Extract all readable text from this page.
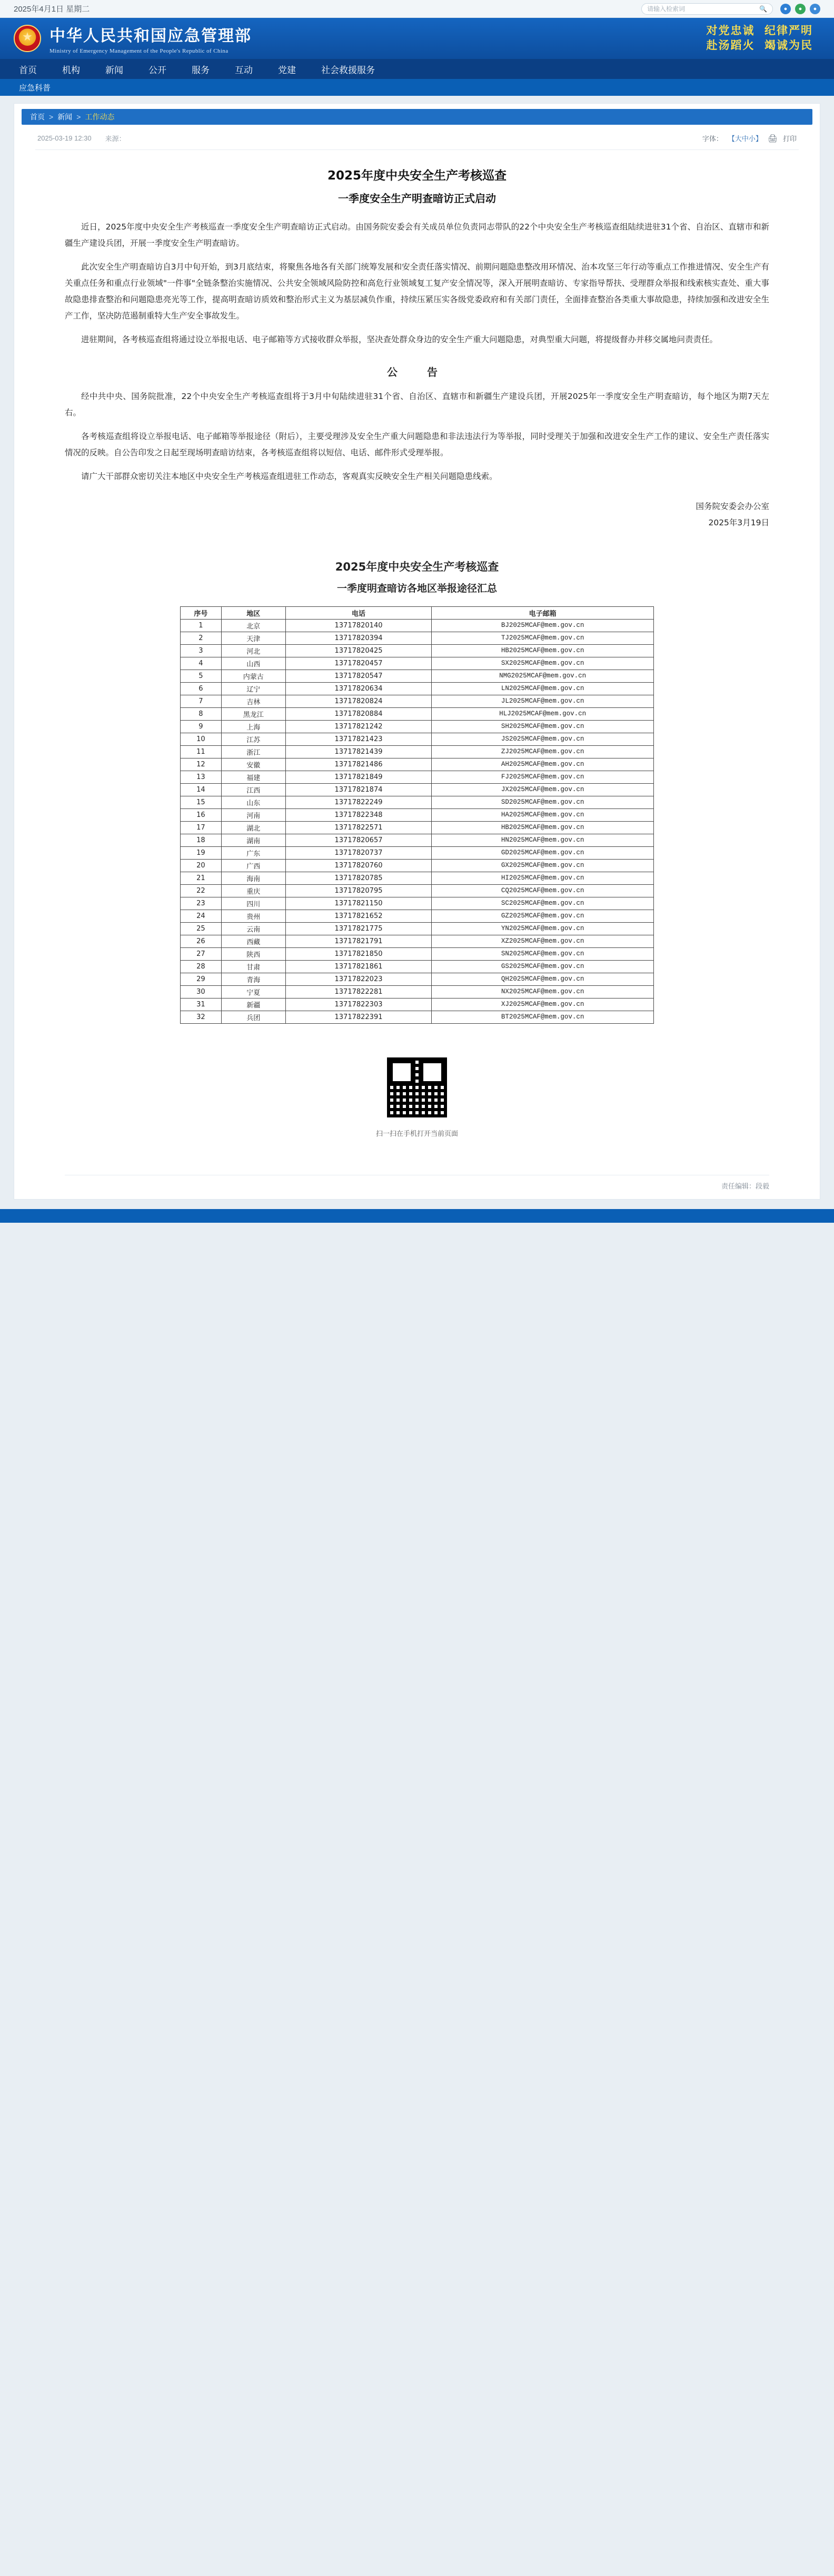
2025年4月1日 星期二	请输入检索词	🔍	●	●	●
★
中华人民共和国应急管理部
Ministry of Emergency Management of the People's Republic of China
对党忠诚 纪律严明
赴汤蹈火 竭诚为民
首页	机构	新闻	公开	服务	互动	党建	社会救援服务
应急科普
首页 > 新闻 > 工作动态
2025-03-19 12:30 来源：	字体： 【大中小】 🖨 打印
2025年度中央安全生产考核巡查
一季度安全生产明查暗访正式启动

近日，2025年度中央安全生产考核巡查一季度安全生产明查暗访正式启动。由国务院安委会有关成员单位负责同志带队的22个中央安全生产考核巡查组陆续进驻31个省、自治区、直辖市和新疆生产建设兵团，开展一季度安全生产明查暗访。

此次安全生产明查暗访自3月中旬开始，到3月底结束，将聚焦各地各有关部门统筹发展和安全责任落实情况、前期问题隐患整改用环情况、治本攻坚三年行动等重点工作推进情况、安全生产有关重点任务和重点行业领域"一件事"全链条整治实施情况、公共安全领域风险防控和高危行业领域复工复产安全情况等，深入开展明查暗访、专家指导帮扶、受理群众举报和线索核实查处、重大事故隐患排查整治和问题隐患亮光等工作，提高明查暗访质效和整治形式主义为基层减负作重，持续压紧压实各级党委政府和有关部门责任，全面排查整治各类重大事故隐患，持续加强和改进安全生产工作，坚决防范遏制重特大生产安全事故发生。

进驻期间，各考核巡查组将通过设立举报电话、电子邮箱等方式接收群众举报，坚决查处群众身边的安全生产重大问题隐患，对典型重大问题，将提级督办并移交属地问责责任。

公　告

经中共中央、国务院批准，22个中央安全生产考核巡查组将于3月中旬陆续进驻31个省、自治区、直辖市和新疆生产建设兵团，开展2025年一季度安全生产明查暗访，每个地区为期7天左右。

各考核巡查组将设立举报电话、电子邮箱等举报途径（附后），主要受理涉及安全生产重大问题隐患和非法违法行为等举报，同时受理关于加强和改进安全生产工作的建议、安全生产责任落实情况的反映。自公告印发之日起至现场明查暗访结束，各考核巡查组将以短信、电话、邮件形式受理举报。

请广大干部群众密切关注本地区中央安全生产考核巡查组进驻工作动态，客观真实反映安全生产相关问题隐患线索。

国务院安委会办公室
2025年3月19日
2025年度中央安全生产考核巡查
一季度明查暗访各地区举报途径汇总
序号	地区	电话	电子邮箱
1	北京	13717820140	BJ2025MCAF@mem.gov.cn
2	天津	13717820394	TJ2025MCAF@mem.gov.cn
3	河北	13717820425	HB2025MCAF@mem.gov.cn
4	山西	13717820457	SX2025MCAF@mem.gov.cn
5	内蒙古	13717820547	NMG2025MCAF@mem.gov.cn
6	辽宁	13717820634	LN2025MCAF@mem.gov.cn
7	吉林	13717820824	JL2025MCAF@mem.gov.cn
8	黑龙江	13717820884	HLJ2025MCAF@mem.gov.cn
9	上海	13717821242	SH2025MCAF@mem.gov.cn
10	江苏	13717821423	JS2025MCAF@mem.gov.cn
11	浙江	13717821439	ZJ2025MCAF@mem.gov.cn
12	安徽	13717821486	AH2025MCAF@mem.gov.cn
13	福建	13717821849	FJ2025MCAF@mem.gov.cn
14	江西	13717821874	JX2025MCAF@mem.gov.cn
15	山东	13717822249	SD2025MCAF@mem.gov.cn
16	河南	13717822348	HA2025MCAF@mem.gov.cn
17	湖北	13717822571	HB2025MCAF@mem.gov.cn
18	湖南	13717820657	HN2025MCAF@mem.gov.cn
19	广东	13717820737	GD2025MCAF@mem.gov.cn
20	广西	13717820760	GX2025MCAF@mem.gov.cn
21	海南	13717820785	HI2025MCAF@mem.gov.cn
22	重庆	13717820795	CQ2025MCAF@mem.gov.cn
23	四川	13717821150	SC2025MCAF@mem.gov.cn
24	贵州	13717821652	GZ2025MCAF@mem.gov.cn
25	云南	13717821775	YN2025MCAF@mem.gov.cn
26	西藏	13717821791	XZ2025MCAF@mem.gov.cn
27	陕西	13717821850	SN2025MCAF@mem.gov.cn
28	甘肃	13717821861	GS2025MCAF@mem.gov.cn
29	青海	13717822023	QH2025MCAF@mem.gov.cn
30	宁夏	13717822281	NX2025MCAF@mem.gov.cn
31	新疆	13717822303	XJ2025MCAF@mem.gov.cn
32	兵团	13717822391	BT2025MCAF@mem.gov.cn
扫一扫在手机打开当前页面
责任编辑：段毅
